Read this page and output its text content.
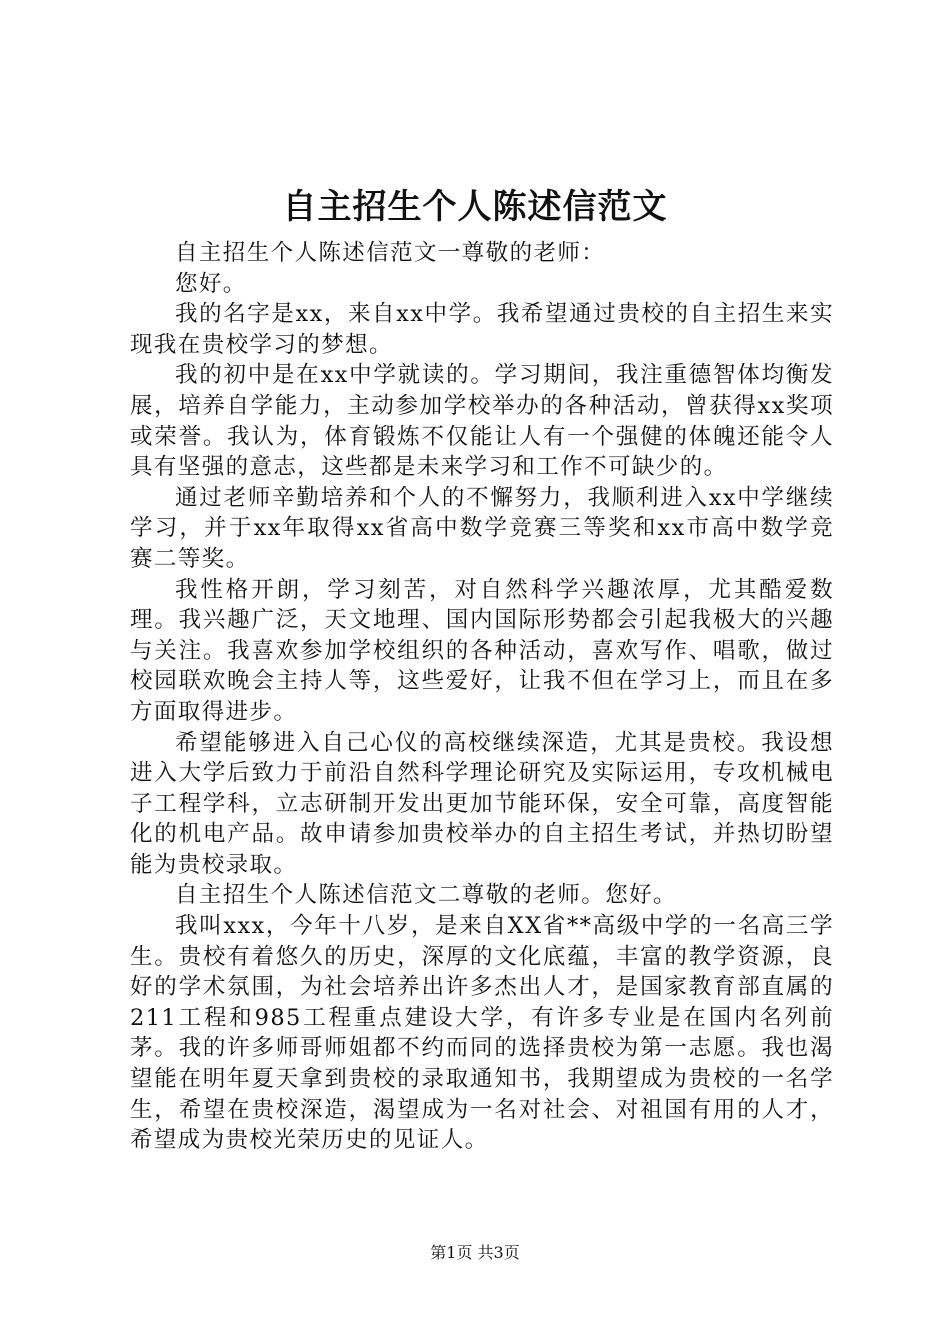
自主招生个人陈述信范文

自主招生个人陈述信范文一尊敬的老师：

您好。

我的名字是xx，来自xx中学。我希望通过贵校的自主招生来实现我在贵校学习的梦想。

我的初中是在xx中学就读的。学习期间，我注重德智体均衡发展，培养自学能力，主动参加学校举办的各种活动，曾获得xx奖项或荣誉。我认为，体育锻炼不仅能让人有一个强健的体魄还能令人具有坚强的意志，这些都是未来学习和工作不可缺少的。

通过老师辛勤培养和个人的不懈努力，我顺利进入xx中学继续学习，并于xx年取得xx省高中数学竞赛三等奖和xx市高中数学竞赛二等奖。

我性格开朗，学习刻苦，对自然科学兴趣浓厚，尤其酷爱数理。我兴趣广泛，天文地理、国内国际形势都会引起我极大的兴趣与关注。我喜欢参加学校组织的各种活动，喜欢写作、唱歌，做过校园联欢晚会主持人等，这些爱好，让我不但在学习上，而且在多方面取得进步。

希望能够进入自己心仪的高校继续深造，尤其是贵校。我设想进入大学后致力于前沿自然科学理论研究及实际运用，专攻机械电子工程学科，立志研制开发出更加节能环保，安全可靠，高度智能化的机电产品。故申请参加贵校举办的自主招生考试，并热切盼望能为贵校录取。

自主招生个人陈述信范文二尊敬的老师。您好。

我叫xxx，今年十八岁，是来自XX省**高级中学的一名高三学生。贵校有着悠久的历史，深厚的文化底蕴，丰富的教学资源，良好的学术氛围，为社会培养出许多杰出人才，是国家教育部直属的211工程和985工程重点建设大学，有许多专业是在国内名列前茅。我的许多师哥师姐都不约而同的选择贵校为第一志愿。我也渴望能在明年夏天拿到贵校的录取通知书，我期望成为贵校的一名学生，希望在贵校深造，渴望成为一名对社会、对祖国有用的人才，希望成为贵校光荣历史的见证人。

第1页 共3页
